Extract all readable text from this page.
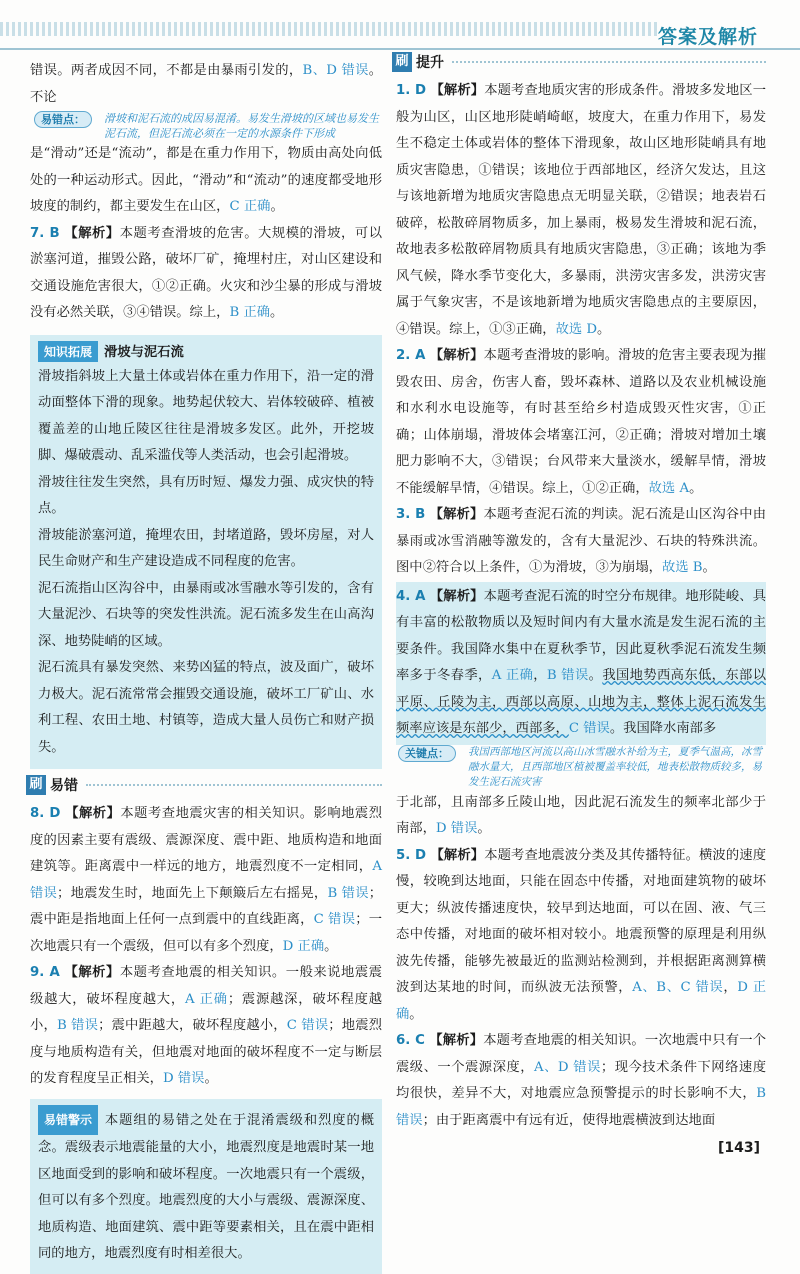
答案及解析

错误。两者成因不同，不都是由暴雨引发的，B、D 错误。不论

易错点：	滑坡和泥石流的成因易混淆。易发生滑坡的区域也易发生泥石流，但泥石流必须在一定的水源条件下形成

是“滑动”还是“流动”，都是在重力作用下，物质由高处向低处的一种运动形式。因此，“滑动”和“流动”的速度都受地形坡度的制约，都主要发生在山区，C 正确。

7. B 【解析】本题考查滑坡的危害。大规模的滑坡，可以淤塞河道，摧毁公路，破坏厂矿，掩埋村庄，对山区建设和交通设施危害很大，①②正确。火灾和沙尘暴的形成与滑坡没有必然关联，③④错误。综上，B 正确。

知识拓展 滑坡与泥石流

滑坡指斜坡上大量土体或岩体在重力作用下，沿一定的滑动面整体下滑的现象。地势起伏较大、岩体较破碎、植被覆盖差的山地丘陵区往往是滑坡多发区。此外，开挖坡脚、爆破震动、乱采滥伐等人类活动，也会引起滑坡。

滑坡往往发生突然，具有历时短、爆发力强、成灾快的特点。

滑坡能淤塞河道，掩埋农田，封堵道路，毁坏房屋，对人民生命财产和生产建设造成不同程度的危害。

泥石流指山区沟谷中，由暴雨或冰雪融水等引发的，含有大量泥沙、石块等的突发性洪流。泥石流多发生在山高沟深、地势陡峭的区域。

泥石流具有暴发突然、来势凶猛的特点，波及面广，破坏力极大。泥石流常常会摧毁交通设施，破坏工厂矿山、水利工程、农田土地、村镇等，造成大量人员伤亡和财产损失。

刷 易错

8. D 【解析】本题考查地震灾害的相关知识。影响地震烈度的因素主要有震级、震源深度、震中距、地质构造和地面建筑等。距离震中一样远的地方，地震烈度不一定相同，A 错误；地震发生时，地面先上下颠簸后左右摇晃，B 错误；震中距是指地面上任何一点到震中的直线距离，C 错误；一次地震只有一个震级，但可以有多个烈度，D 正确。

9. A 【解析】本题考查地震的相关知识。一般来说地震震级越大，破坏程度越大，A 正确；震源越深，破坏程度越小，B 错误；震中距越大，破坏程度越小，C 错误；地震烈度与地质构造有关，但地震对地面的破坏程度不一定与断层的发育程度呈正相关，D 错误。

易错警示 本题组的易错之处在于混淆震级和烈度的概念。震级表示地震能量的大小，地震烈度是地震时某一地区地面受到的影响和破坏程度。一次地震只有一个震级，但可以有多个烈度。地震烈度的大小与震级、震源深度、地质构造、地面建筑、震中距等要素相关，且在震中距相同的地方，地震烈度有时相差很大。

刷 提升

1. D 【解析】本题考查地质灾害的形成条件。滑坡多发地区一般为山区，山区地形陡峭崎岖，坡度大，在重力作用下，易发生不稳定土体或岩体的整体下滑现象，故山区地形陡峭具有地质灾害隐患，①错误；该地位于西部地区，经济欠发达，且这与该地新增为地质灾害隐患点无明显关联，②错误；地表岩石破碎，松散碎屑物质多，加上暴雨，极易发生滑坡和泥石流，故地表多松散碎屑物质具有地质灾害隐患，③正确；该地为季风气候，降水季节变化大，多暴雨，洪涝灾害多发，洪涝灾害属于气象灾害，不是该地新增为地质灾害隐患点的主要原因，④错误。综上，①③正确，故选 D。

2. A 【解析】本题考查滑坡的影响。滑坡的危害主要表现为摧毁农田、房舍，伤害人畜，毁坏森林、道路以及农业机械设施和水利水电设施等，有时甚至给乡村造成毁灭性灾害，①正确；山体崩塌，滑坡体会堵塞江河，②正确；滑坡对增加土壤肥力影响不大，③错误；台风带来大量淡水，缓解旱情，滑坡不能缓解旱情，④错误。综上，①②正确，故选 A。

3. B 【解析】本题考查泥石流的判读。泥石流是山区沟谷中由暴雨或冰雪消融等激发的，含有大量泥沙、石块的特殊洪流。图中②符合以上条件，①为滑坡，③为崩塌，故选 B。

4. A 【解析】本题考查泥石流的时空分布规律。地形陡峻、具有丰富的松散物质以及短时间内有大量水流是发生泥石流的主要条件。我国降水集中在夏秋季节，因此夏秋季泥石流发生频率多于冬春季，A 正确，B 错误。我国地势西高东低，东部以平原、丘陵为主，西部以高原、山地为主，整体上泥石流发生频率应该是东部少，西部多，C 错误。我国降水南部多

关键点：	我国西部地区河流以高山冰雪融水补给为主，夏季气温高，冰雪融水量大，且西部地区植被覆盖率较低，地表松散物质较多，易发生泥石流灾害

于北部，且南部多丘陵山地，因此泥石流发生的频率北部少于南部，D 错误。

5. D 【解析】本题考查地震波分类及其传播特征。横波的速度慢，较晚到达地面，只能在固态中传播，对地面建筑物的破坏更大；纵波传播速度快，较早到达地面，可以在固、液、气三态中传播，对地面的破坏相对较小。地震预警的原理是利用纵波先传播，能够先被最近的监测站检测到，并根据距离测算横波到达某地的时间，而纵波无法预警，A、B、C 错误，D 正确。

6. C 【解析】本题考查地震的相关知识。一次地震中只有一个震级、一个震源深度，A、D 错误；现今技术条件下网络速度均很快，差异不大，对地震应急预警提示的时长影响不大，B 错误；由于距离震中有远有近，使得地震横波到达地面

[143]
